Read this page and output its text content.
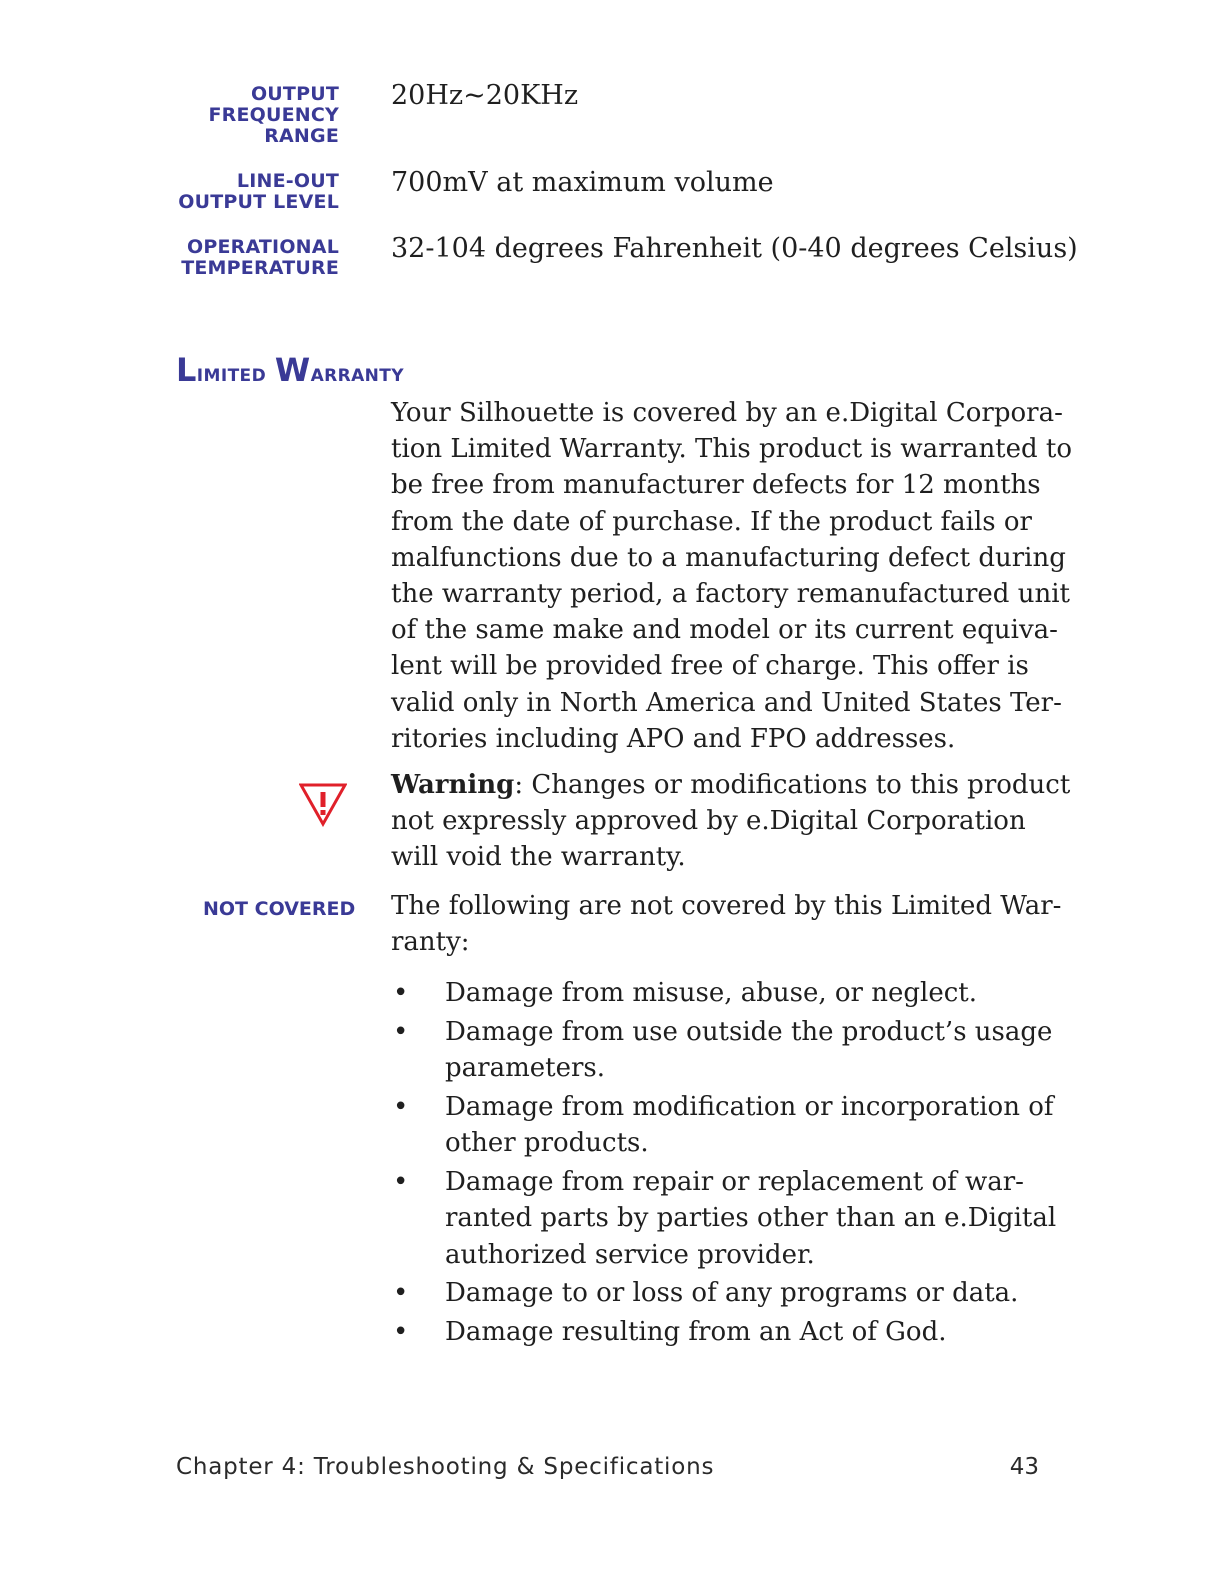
OUTPUT
FREQUENCY
RANGE
20Hz~20KHz
LINE-OUT
OUTPUT LEVEL
700mV at maximum volume
OPERATIONAL
TEMPERATURE
32-104 degrees Fahrenheit (0-40 degrees Celsius)
Limited Warranty
Your Silhouette is covered by an e.Digital Corpora-
tion Limited Warranty. This product is warranted to
be free from manufacturer defects for 12 months
from the date of purchase. If the product fails or
malfunctions due to a manufacturing defect during
the warranty period, a factory remanufactured unit
of the same make and model or its current equiva-
lent will be provided free of charge. This offer is
valid only in North America and United States Ter-
ritories including APO and FPO addresses.
Warning: Changes or modifications to this product
not expressly approved by e.Digital Corporation
will void the warranty.
NOT COVERED The following are not covered by this Limited War-
ranty:
• Damage from misuse, abuse, or neglect.
• Damage from use outside the product’s usage
parameters.
• Damage from modification or incorporation of
other products.
• Damage from repair or replacement of war-
ranted parts by parties other than an e.Digital
authorized service provider.
• Damage to or loss of any programs or data.
• Damage resulting from an Act of God.
Chapter 4: Troubleshooting & Specifications	43
